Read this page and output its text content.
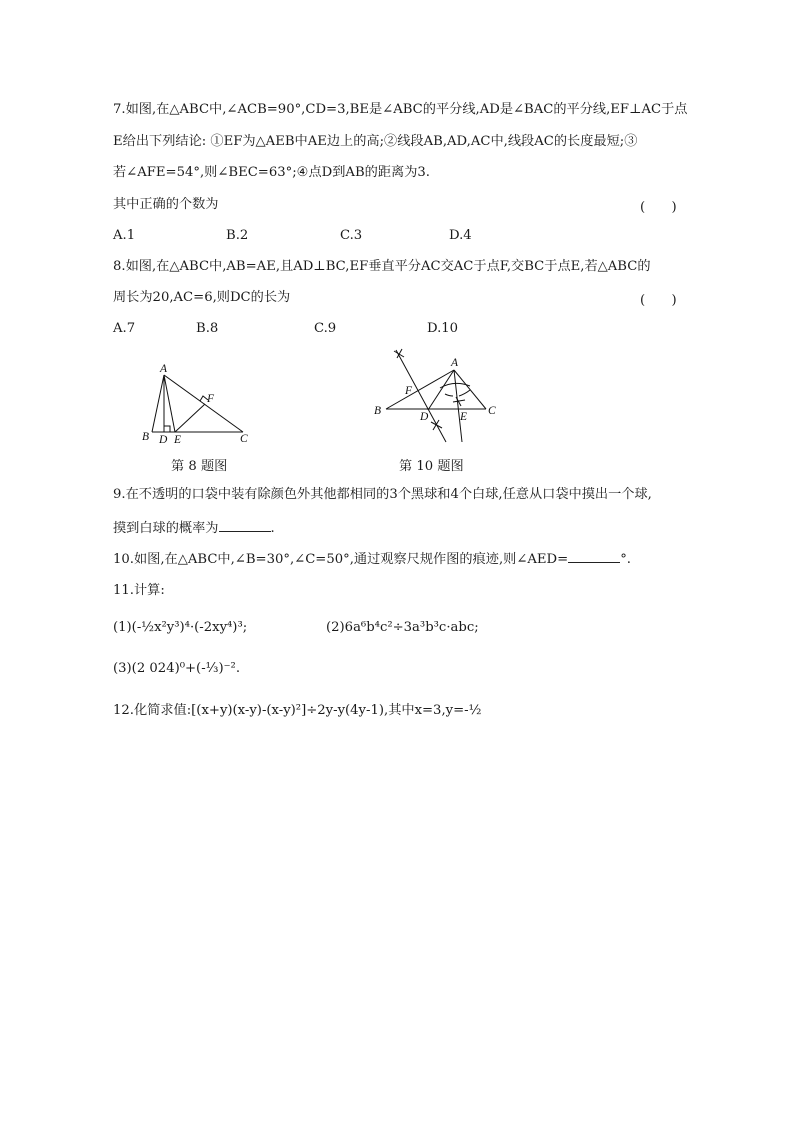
7.如图,在△ABC中,∠ACB=90°,CD=3,BE是∠ABC的平分线,AD是∠BAC的平分线,EF⊥AC于点
E给出下列结论: ①EF为△AEB中AE边上的高;②线段AB,AD,AC中,线段AC的长度最短;③
若∠AFE=54°,则∠BEC=63°;④点D到AB的距离为3.
其中正确的个数为	(　　)
A.1	B.2	C.3	D.4
8.如图,在△ABC中,AB=AE,且AD⊥BC,EF垂直平分AC交AC于点F,交BC于点E,若△ABC的
周长为20,AC=6,则DC的长为	(　　)
A.7	B.8	C.9	D.10
A
B D E	C
F
第 8 题图
A
B	C
D	E
F
第 10 题图
9.在不透明的口袋中装有除颜色外其他都相同的3个黑球和4个白球,任意从口袋中摸出一个球,
摸到白球的概率为	.
10.如图,在△ABC中,∠B=30°,∠C=50°,通过观察尺规作图的痕迹,则∠AED=	°.
11.计算:
(1)(-½x²y³)⁴·(-2xy⁴)³;	(2)6a⁶b⁴c²÷3a³b³c·abc;
(3)(2 024)⁰+(-⅓)⁻².
12.化简求值:[(x+y)(x-y)-(x-y)²]÷2y-y(4y-1),其中x=3,y=-½
